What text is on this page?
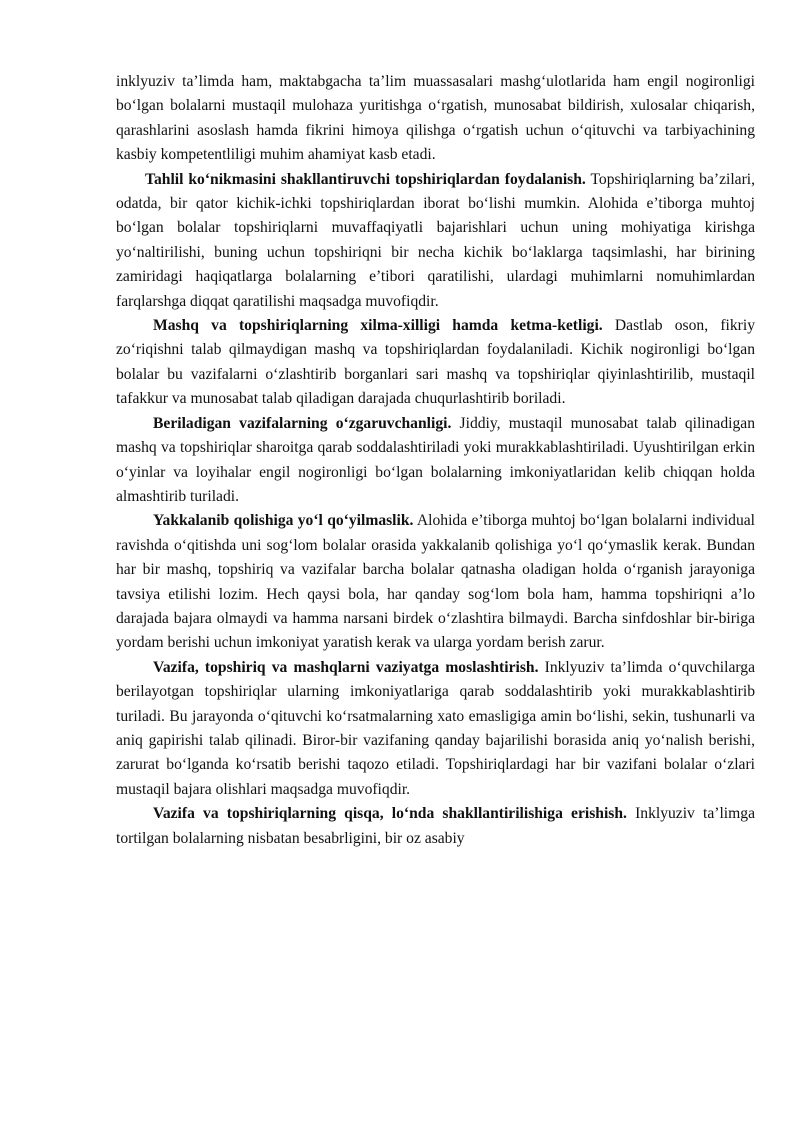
inklyuziv ta’limda ham, maktabgacha ta’lim muassasalari mashg‘ulotlarida ham engil nogironligi bo‘lgan bolalarni mustaqil mulohaza yuritishga o‘rgatish, munosabat bildirish, xulosalar chiqarish, qarashlarini asoslash hamda fikrini himoya qilishga o‘rgatish uchun o‘qituvchi va tarbiyachining kasbiy kompetentliligi muhim ahamiyat kasb etadi.

Tahlil ko‘nikmasini shakllantiruvchi topshiriqlardan foydalanish. Topshiriqlarning ba’zilari, odatda, bir qator kichik-ichki topshiriqlardan iborat bo‘lishi mumkin. Alohida e’tiborga muhtoj bo‘lgan bolalar topshiriqlarni muvaffaqiyatli bajarishlari uchun uning mohiyatiga kirishga yo‘naltirilishi, buning uchun topshiriqni bir necha kichik bo‘laklarga taqsimlashi, har birining zamiridagi haqiqatlarga bolalarning e’tibori qaratilishi, ulardagi muhimlarni nomuhimlardan farqlarshga diqqat qaratilishi maqsadga muvofiqdir.

Mashq va topshiriqlarning xilma-xilligi hamda ketma-ketligi. Dastlab oson, fikriy zo‘riqishni talab qilmaydigan mashq va topshiriqlardan foydalaniladi. Kichik nogironligi bo‘lgan bolalar bu vazifalarni o‘zlashtirib borganlari sari mashq va topshiriqlar qiyinlashtirilib, mustaqil tafakkur va munosabat talab qiladigan darajada chuqurlashtirib boriladi.

Beriladigan vazifalarning o‘zgaruvchanligi. Jiddiy, mustaqil munosabat talab qilinadigan mashq va topshiriqlar sharoitga qarab soddalashtiriladi yoki murakkablashtiriladi. Uyushtirilgan erkin o‘yinlar va loyihalar engil nogironligi bo‘lgan bolalarning imkoniyatlaridan kelib chiqqan holda almashtirib turiladi.

Yakkalanib qolishiga yo‘l qo‘yilmaslik. Alohida e’tiborga muhtoj bo‘lgan bolalarni individual ravishda o‘qitishda uni sog‘lom bolalar orasida yakkalanib qolishiga yo‘l qo‘ymaslik kerak. Bundan har bir mashq, topshiriq va vazifalar barcha bolalar qatnasha oladigan holda o‘rganish jarayoniga tavsiya etilishi lozim. Hech qaysi bola, har qanday sog‘lom bola ham, hamma topshiriqni a’lo darajada bajara olmaydi va hamma narsani birdek o‘zlashtira bilmaydi. Barcha sinfdoshlar bir-biriga yordam berishi uchun imkoniyat yaratish kerak va ularga yordam berish zarur.

Vazifa, topshiriq va mashqlarni vaziyatga moslashtirish. Inklyuziv ta’limda o‘quvchilarga berilayotgan topshiriqlar ularning imkoniyatlariga qarab soddalashtirib yoki murakkablashtirib turiladi. Bu jarayonda o‘qituvchi ko‘rsatmalarning xato emasligiga amin bo‘lishi, sekin, tushunarli va aniq gapirishi talab qilinadi. Biror-bir vazifaning qanday bajarilishi borasida aniq yo‘nalish berishi, zarurat bo‘lganda ko‘rsatib berishi taqozo etiladi. Topshiriqlardagi har bir vazifani bolalar o‘zlari mustaqil bajara olishlari maqsadga muvofiqdir.

Vazifa va topshiriqlarning qisqa, lo‘nda shakllantirilishiga erishish. Inklyuziv ta’limga tortilgan bolalarning nisbatan besabrligini, bir oz asabiy
